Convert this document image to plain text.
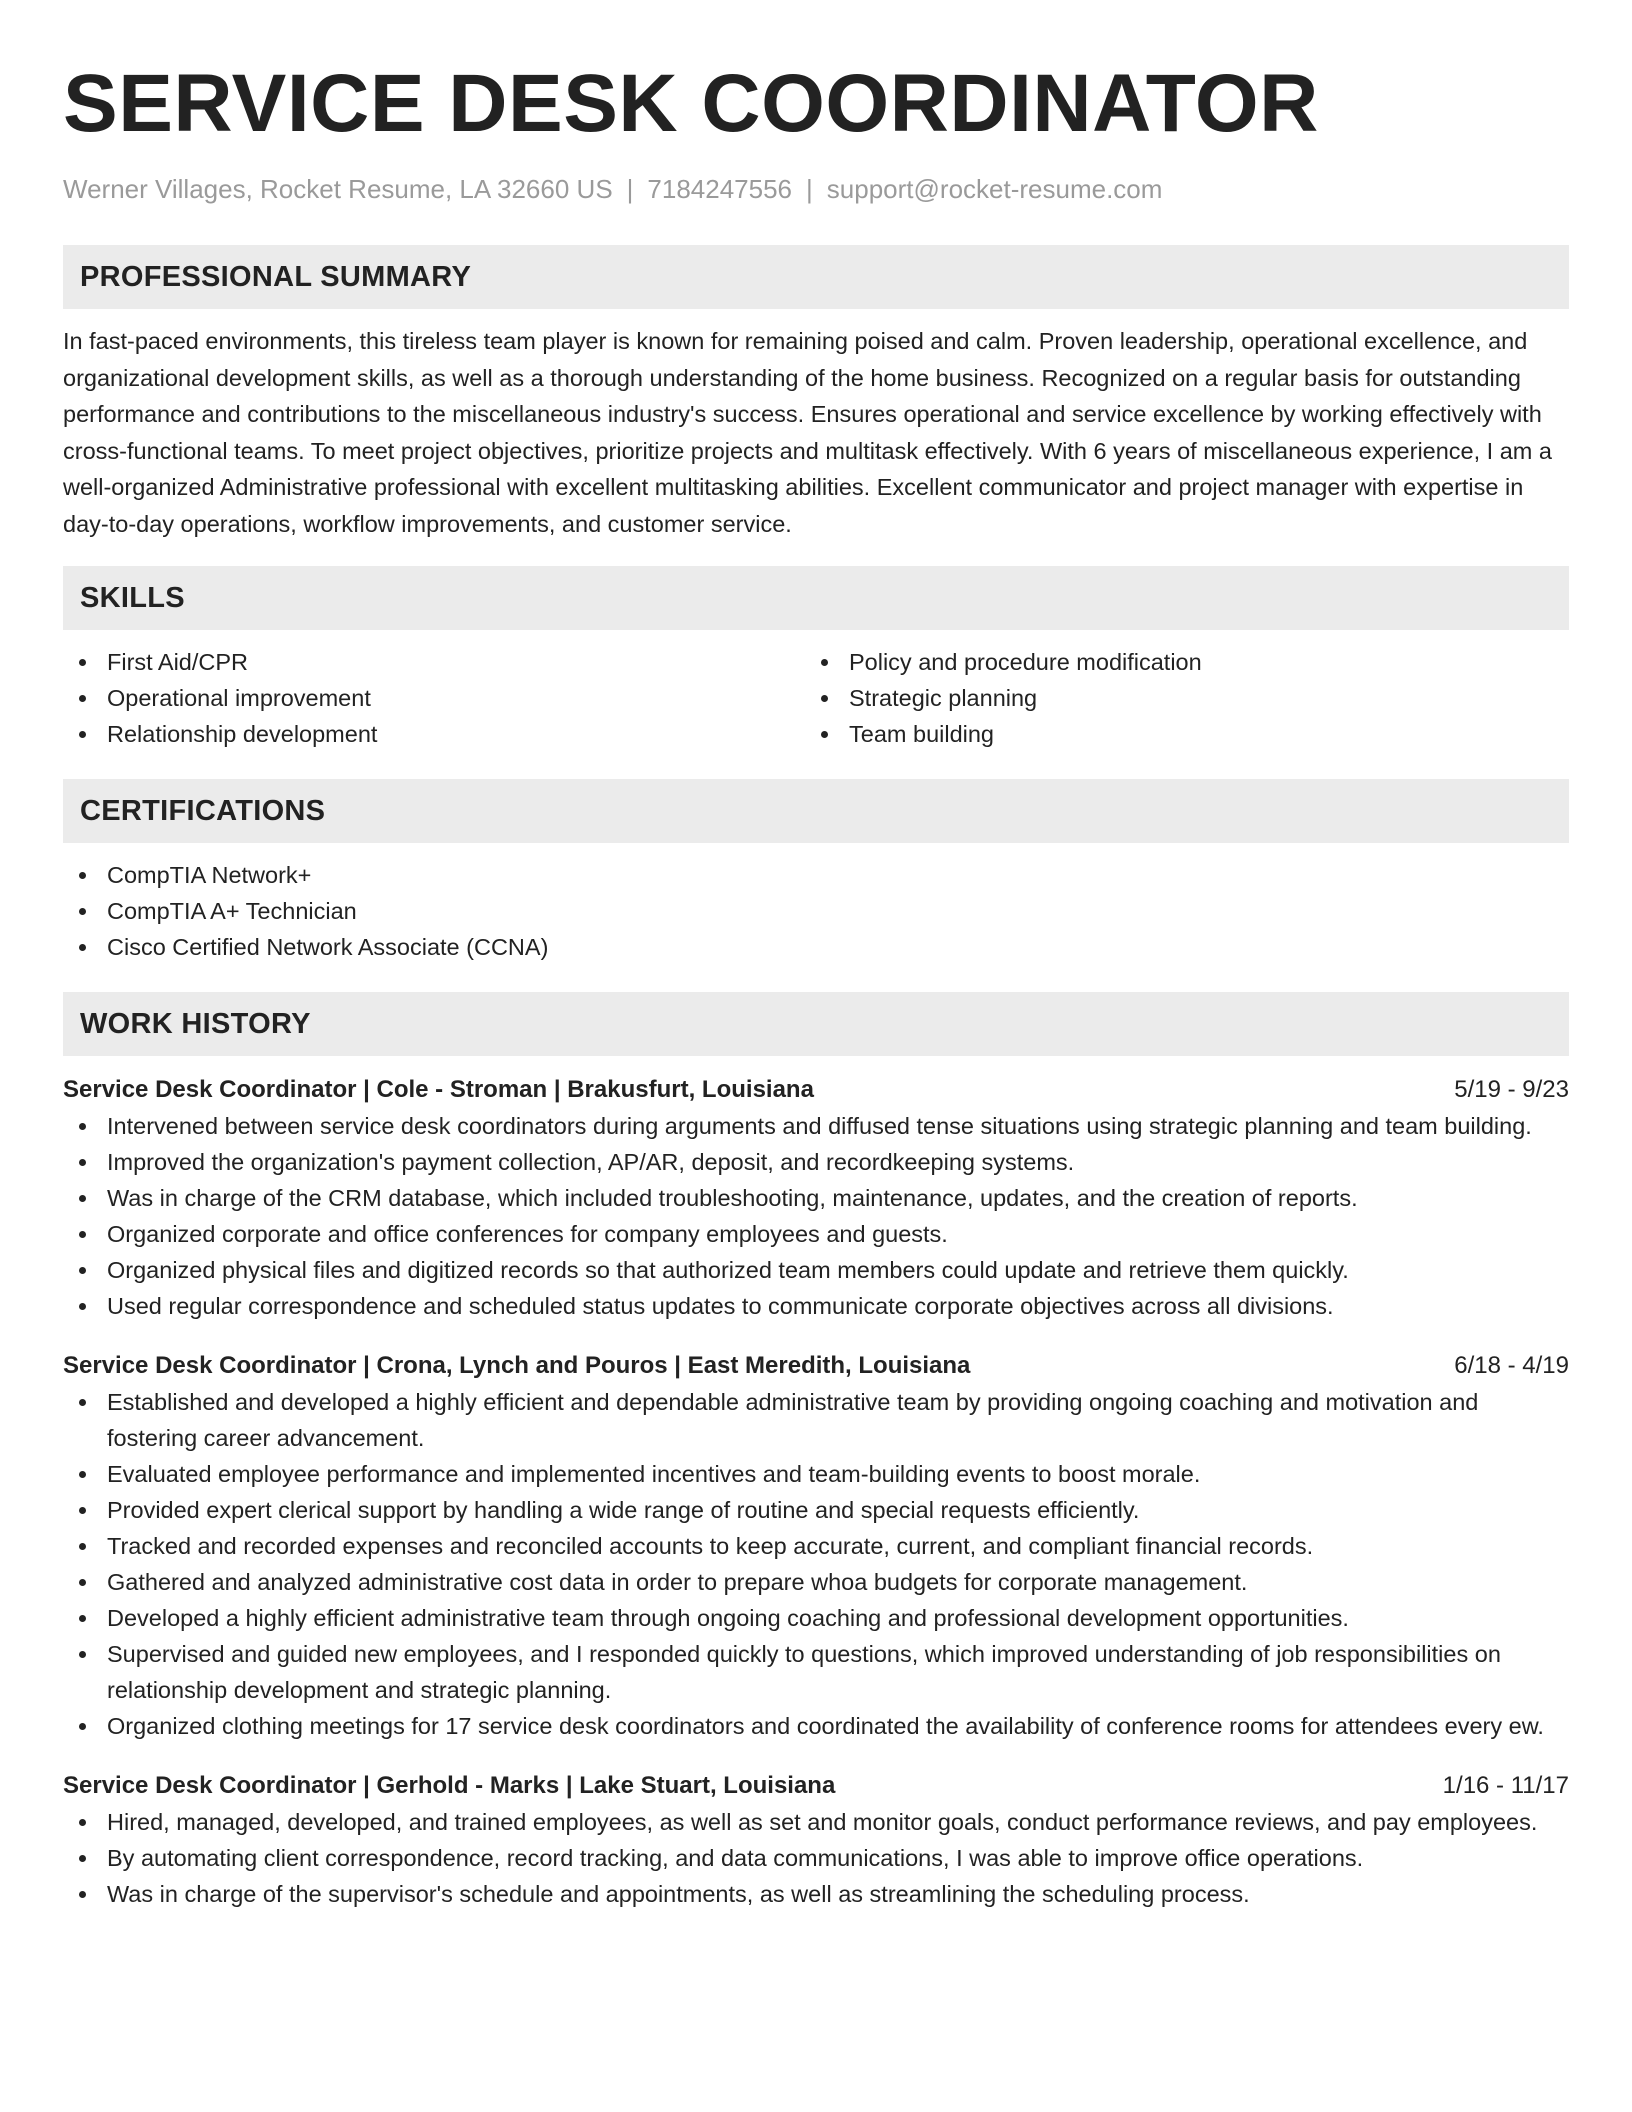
SERVICE DESK COORDINATOR
Werner Villages, Rocket Resume, LA 32660 US | 7184247556 | support@rocket-resume.com
PROFESSIONAL SUMMARY

In fast-paced environments, this tireless team player is known for remaining poised and calm. Proven leadership, operational excellence, and organizational development skills, as well as a thorough understanding of the home business. Recognized on a regular basis for outstanding performance and contributions to the miscellaneous industry's success. Ensures operational and service excellence by working effectively with cross-functional teams. To meet project objectives, prioritize projects and multitask effectively. With 6 years of miscellaneous experience, I am a well-organized Administrative professional with excellent multitasking abilities. Excellent communicator and project manager with expertise in day-to-day operations, workflow improvements, and customer service.

SKILLS
First Aid/CPR
Operational improvement
Relationship development
Policy and procedure modification
Strategic planning
Team building
CERTIFICATIONS
CompTIA Network+
CompTIA A+ Technician
Cisco Certified Network Associate (CCNA)
WORK HISTORY
Service Desk Coordinator | Cole - Stroman | Brakusfurt, Louisiana	5/19 - 9/23
Intervened between service desk coordinators during arguments and diffused tense situations using strategic planning and team building.
Improved the organization's payment collection, AP/AR, deposit, and recordkeeping systems.
Was in charge of the CRM database, which included troubleshooting, maintenance, updates, and the creation of reports.
Organized corporate and office conferences for company employees and guests.
Organized physical files and digitized records so that authorized team members could update and retrieve them quickly.
Used regular correspondence and scheduled status updates to communicate corporate objectives across all divisions.
Service Desk Coordinator | Crona, Lynch and Pouros | East Meredith, Louisiana	6/18 - 4/19
Established and developed a highly efficient and dependable administrative team by providing ongoing coaching and motivation and fostering career advancement.
Evaluated employee performance and implemented incentives and team-building events to boost morale.
Provided expert clerical support by handling a wide range of routine and special requests efficiently.
Tracked and recorded expenses and reconciled accounts to keep accurate, current, and compliant financial records.
Gathered and analyzed administrative cost data in order to prepare whoa budgets for corporate management.
Developed a highly efficient administrative team through ongoing coaching and professional development opportunities.
Supervised and guided new employees, and I responded quickly to questions, which improved understanding of job responsibilities on relationship development and strategic planning.
Organized clothing meetings for 17 service desk coordinators and coordinated the availability of conference rooms for attendees every ew.
Service Desk Coordinator | Gerhold - Marks | Lake Stuart, Louisiana	1/16 - 11/17
Hired, managed, developed, and trained employees, as well as set and monitor goals, conduct performance reviews, and pay employees.
By automating client correspondence, record tracking, and data communications, I was able to improve office operations.
Was in charge of the supervisor's schedule and appointments, as well as streamlining the scheduling process.
